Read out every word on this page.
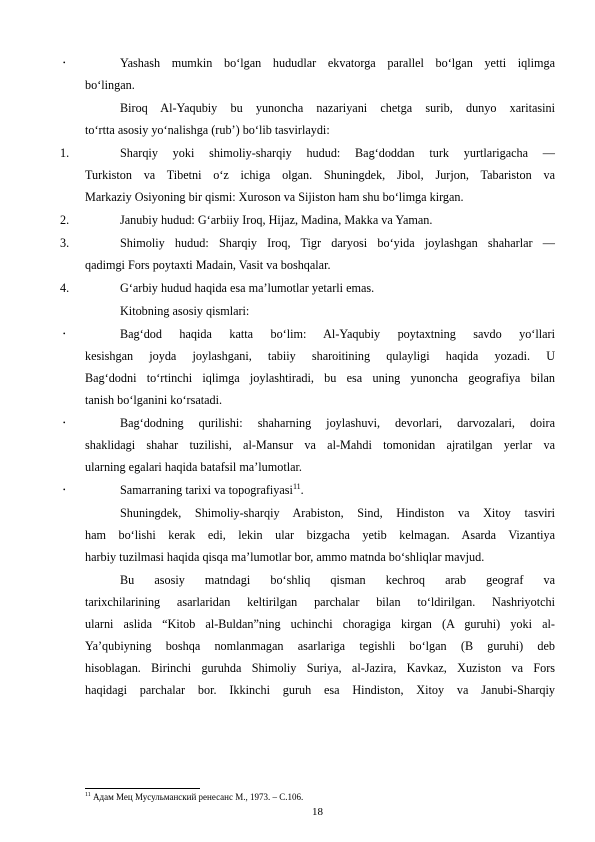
•	Yashash mumkin bo‘lgan hududlar ekvatorga parallel bo‘lgan yetti iqlimga
bo‘lingan.
Biroq Al-Yaqubiy bu yunoncha nazariyani chetga surib, dunyo xaritasini
to‘rtta asosiy yo‘nalishga (rub’) bo‘lib tasvirlaydi:
1.	Sharqiy yoki shimoliy-sharqiy hudud: Bag‘doddan turk yurtlarigacha —
Turkiston va Tibetni o‘z ichiga olgan. Shuningdek, Jibol, Jurjon, Tabariston va
Markaziy Osiyoning bir qismi: Xuroson va Sijiston ham shu bo‘limga kirgan.
2.	Janubiy hudud: G‘arbiiy Iroq, Hijaz, Madina, Makka va Yaman.
3.	Shimoliy hudud: Sharqiy Iroq, Tigr daryosi bo‘yida joylashgan shaharlar —
qadimgi Fors poytaxti Madain, Vasit va boshqalar.
4.	G‘arbiy hudud haqida esa ma’lumotlar yetarli emas.
Kitobning asosiy qismlari:
•	Bag‘dod haqida katta bo‘lim: Al-Yaqubiy poytaxtning savdo yo‘llari
kesishgan joyda joylashgani, tabiiy sharoitining qulayligi haqida yozadi. U
Bag‘dodni to‘rtinchi iqlimga joylashtiradi, bu esa uning yunoncha geografiya bilan
tanish bo‘lganini ko‘rsatadi.
•	Bag‘dodning qurilishi: shaharning joylashuvi, devorlari, darvozalari, doira
shaklidagi shahar tuzilishi, al-Mansur va al-Mahdi tomonidan ajratilgan yerlar va
ularning egalari haqida batafsil ma’lumotlar.
•	Samarraning tarixi va topografiyasi$^{11}$.
Shuningdek, Shimoliy-sharqiy Arabiston, Sind, Hindiston va Xitoy tasviri
ham bo‘lishi kerak edi, lekin ular bizgacha yetib kelmagan. Asarda Vizantiya
harbiy tuzilmasi haqida qisqa ma’lumotlar bor, ammo matnda bo‘shliqlar mavjud.
Bu asosiy matndagi bo‘shliq qisman kechroq arab geograf va
tarixchilarining asarlaridan keltirilgan parchalar bilan to‘ldirilgan. Nashriyotchi
ularni aslida “Kitob al-Buldan”ning uchinchi choragiga kirgan (A guruhi) yoki al-
Ya’qubiyning boshqa nomlanmagan asarlariga tegishli bo‘lgan (B guruhi) deb
hisoblagan. Birinchi guruhda Shimoliy Suriya, al-Jazira, Kavkaz, Xuziston va Fors
haqidagi parchalar bor. Ikkinchi guruh esa Hindiston, Xitoy va Janubi-Sharqiy
$^{11}$ Адам Мец Мусульманский ренесанс М., 1973. – С.106.
18
